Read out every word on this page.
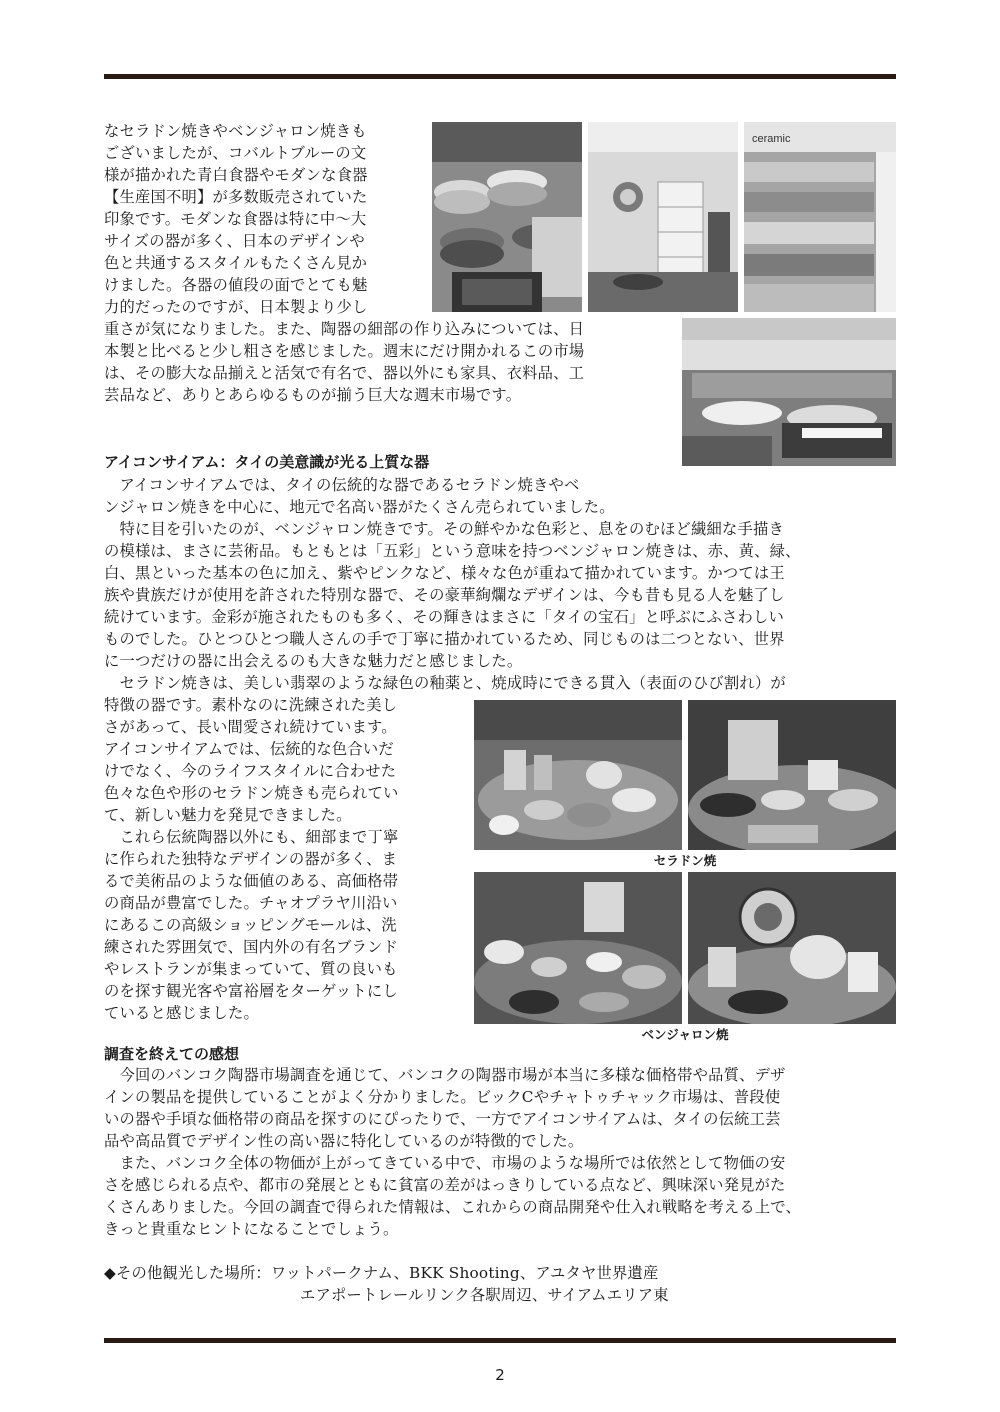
なセラドン焼きやベンジャロン焼きも

ございましたが、コバルトブルーの文

様が描かれた青白食器やモダンな食器

【生産国不明】が多数販売されていた

印象です。モダンな食器は特に中～大

サイズの器が多く、日本のデザインや

色と共通するスタイルもたくさん見か

けました。各器の値段の面でとても魅

力的だったのですが、日本製より少し

重さが気になりました。また、陶器の細部の作り込みについては、日

本製と比べると少し粗さを感じました。週末にだけ開かれるこの市場

は、その膨大な品揃えと活気で有名で、器以外にも家具、衣料品、工

芸品など、ありとあらゆるものが揃う巨大な週末市場です。

ceramic
アイコンサイアム：タイの美意識が光る上質な器

　アイコンサイアムでは、タイの伝統的な器であるセラドン焼きやベ

ンジャロン焼きを中心に、地元で名高い器がたくさん売られていました。

　特に目を引いたのが、ベンジャロン焼きです。その鮮やかな色彩と、息をのむほど繊細な手描き

の模様は、まさに芸術品。もともとは「五彩」という意味を持つベンジャロン焼きは、赤、黄、緑、

白、黒といった基本の色に加え、紫やピンクなど、様々な色が重ねて描かれています。かつては王

族や貴族だけが使用を許された特別な器で、その豪華絢爛なデザインは、今も昔も見る人を魅了し

続けています。金彩が施されたものも多く、その輝きはまさに「タイの宝石」と呼ぶにふさわしい

ものでした。ひとつひとつ職人さんの手で丁寧に描かれているため、同じものは二つとない、世界

に一つだけの器に出会えるのも大きな魅力だと感じました。

　セラドン焼きは、美しい翡翠のような緑色の釉薬と、焼成時にできる貫入（表面のひび割れ）が

特徴の器です。素朴なのに洗練された美し

さがあって、長い間愛され続けています。

アイコンサイアムでは、伝統的な色合いだ

けでなく、今のライフスタイルに合わせた

色々な色や形のセラドン焼きも売られてい

て、新しい魅力を発見できました。

　これら伝統陶器以外にも、細部まで丁寧

に作られた独特なデザインの器が多く、ま

るで美術品のような価値のある、高価格帯

の商品が豊富でした。チャオプラヤ川沿い

にあるこの高級ショッピングモールは、洗

練された雰囲気で、国内外の有名ブランド

やレストランが集まっていて、質の良いも

のを探す観光客や富裕層をターゲットにし

ていると感じました。

セラドン焼
ベンジャロン焼
調査を終えての感想

　今回のバンコク陶器市場調査を通じて、バンコクの陶器市場が本当に多様な価格帯や品質、デザ

インの製品を提供していることがよく分かりました。ビックCやチャトゥチャック市場は、普段使

いの器や手頃な価格帯の商品を探すのにぴったりで、一方でアイコンサイアムは、タイの伝統工芸

品や高品質でデザイン性の高い器に特化しているのが特徴的でした。

　また、バンコク全体の物価が上がってきている中で、市場のような場所では依然として物価の安

さを感じられる点や、都市の発展とともに貧富の差がはっきりしている点など、興味深い発見がた

くさんありました。今回の調査で得られた情報は、これからの商品開発や仕入れ戦略を考える上で、

きっと貴重なヒントになることでしょう。

◆その他観光した場所：ワットパークナム、BKK Shooting、アユタヤ世界遺産
エアポートレールリンク各駅周辺、サイアムエリア東
2
